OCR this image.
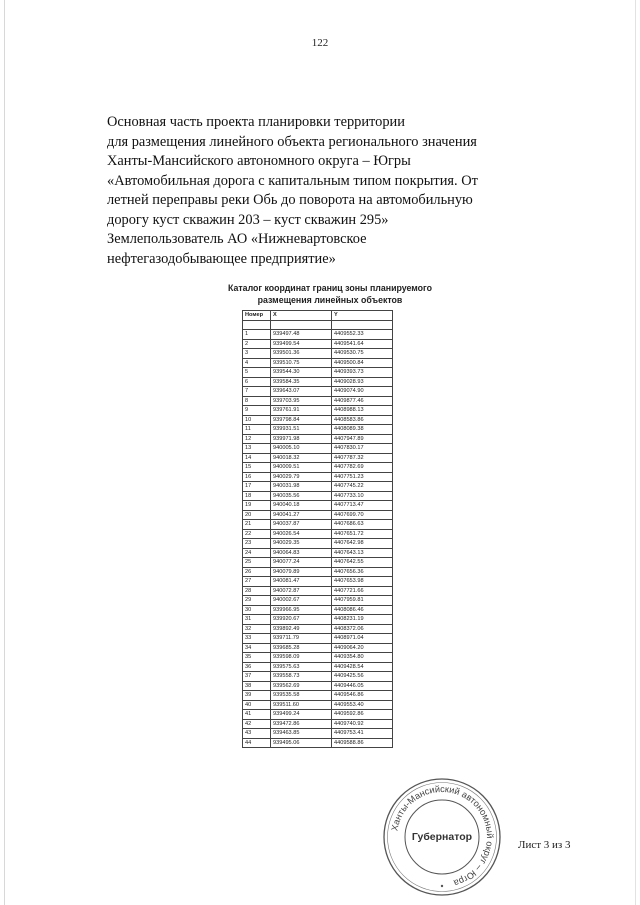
122
Основная часть проекта планировки территории
для размещения линейного объекта регионального значения
Ханты-Мансийского автономного округа – Югры
«Автомобильная дорога с капитальным типом покрытия. От
летней переправы реки Обь до поворота на автомобильную
дорогу куст скважин 203 – куст скважин 295»
Землепользователь АО «Нижневартовское
нефтегазодобывающее предприятие»
Каталог координат границ зоны планируемого
размещения линейных объектов
Номер	X	Y

1	939497.48	4409552.33
2	939499.54	4409541.64
3	939501.36	4409530.75
4	939510.75	4409500.84
5	939544.30	4409393.73
6	939584.35	4409028.93
7	939643.07	4409074.90
8	939703.95	4409877.46
9	939761.91	4408988.13
10	939798.84	4408583.86
11	939931.51	4408089.38
12	939971.98	4407947.89
13	940005.10	4407830.17
14	940018.32	4407787.32
15	940009.51	4407782.69
16	940029.79	4407751.23
17	940031.98	4407745.22
18	940035.56	4407733.10
19	940040.18	4407713.47
20	940041.27	4407699.70
21	940037.87	4407686.63
22	940026.54	4407651.72
23	940029.35	4407642.98
24	940064.83	4407643.13
25	940077.24	4407642.55
26	940079.89	4407656.36
27	940081.47	4407653.98
28	940072.87	4407721.66
29	940002.67	4407959.81
30	939966.95	4408086.46
31	939920.67	4408231.19
32	939892.49	4408372.06
33	939711.79	4408971.04
34	939685.28	4409064.20
35	939598.09	4409354.80
36	939575.63	4409428.54
37	939558.73	4409425.56
38	939562.69	4409446.05
39	939535.58	4409546.86
40	939511.60	4409553.40
41	939499.24	4409592.86
42	939472.86	4409740.92
43	939463.85	4409753.41
44	939495.06	4409588.86
Ханты-Мансийский автономный округ – Югра
Губернатор
Лист 3 из 3
